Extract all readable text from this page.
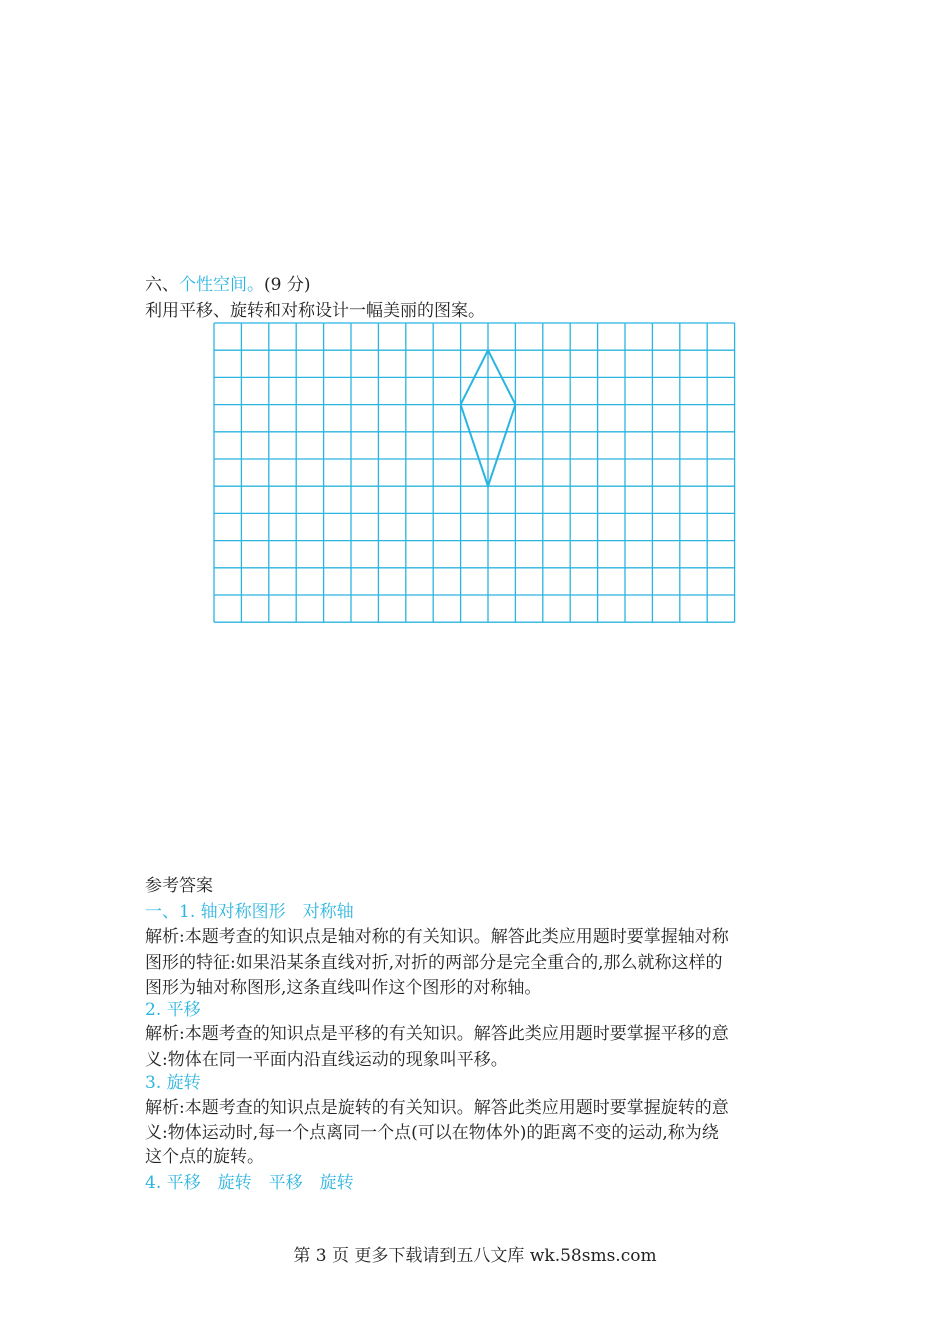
六、个性空间。(9 分)
利用平移、旋转和对称设计一幅美丽的图案。
参考答案
一、1. 轴对称图形　对称轴
解析:本题考查的知识点是轴对称的有关知识。解答此类应用题时要掌握轴对称
图形的特征:如果沿某条直线对折,对折的两部分是完全重合的,那么就称这样的
图形为轴对称图形,这条直线叫作这个图形的对称轴。
2. 平移
解析:本题考查的知识点是平移的有关知识。解答此类应用题时要掌握平移的意
义:物体在同一平面内沿直线运动的现象叫平移。
3. 旋转
解析:本题考查的知识点是旋转的有关知识。解答此类应用题时要掌握旋转的意
义:物体运动时,每一个点离同一个点(可以在物体外)的距离不变的运动,称为绕
这个点的旋转。
4. 平移　旋转　平移　旋转
第 3 页 更多下载请到五八文库 wk.58sms.com
